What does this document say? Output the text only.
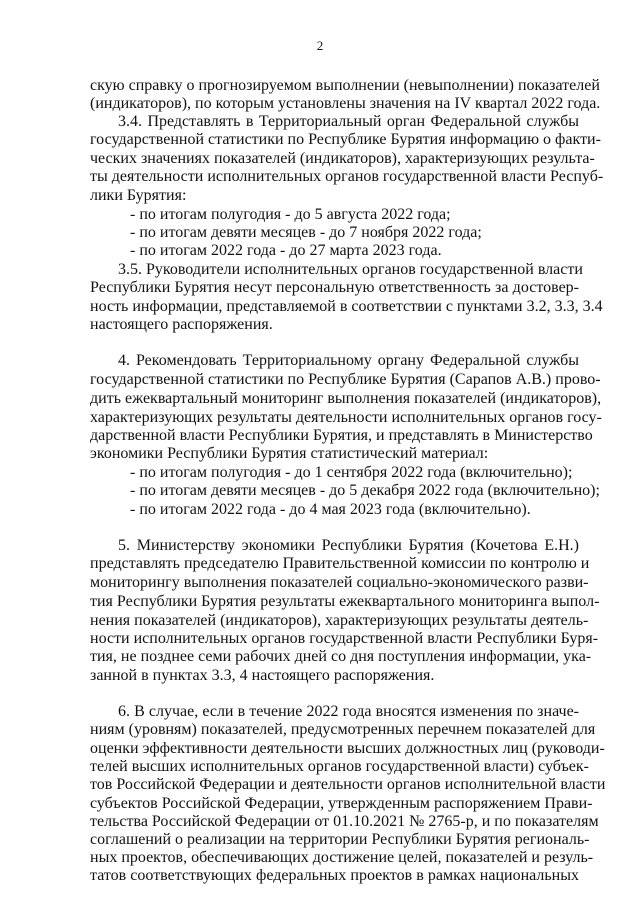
2
скую справку о прогнозируемом выполнении (невыполнении) показателей
(индикаторов), по которым установлены значения на IV квартал 2022 года.
3.4. Представлять в Территориальный орган Федеральной службы
государственной статистики по Республике Бурятия информацию о факти-
ческих значениях показателей (индикаторов), характеризующих результа-
ты деятельности исполнительных органов государственной власти Респуб-
лики Бурятия:
- по итогам полугодия - до 5 августа 2022 года;
- по итогам девяти месяцев - до 7 ноября 2022 года;
- по итогам 2022 года - до 27 марта 2023 года.
3.5. Руководители исполнительных органов государственной власти
Республики Бурятия несут персональную ответственность за достовер-
ность информации, представляемой в соответствии с пунктами 3.2, 3.3, 3.4
настоящего распоряжения.
4. Рекомендовать Территориальному органу Федеральной службы
государственной статистики по Республике Бурятия (Сарапов А.В.) прово-
дить ежеквартальный мониторинг выполнения показателей (индикаторов),
характеризующих результаты деятельности исполнительных органов госу-
дарственной власти Республики Бурятия, и представлять в Министерство
экономики Республики Бурятия статистический материал:
- по итогам полугодия - до 1 сентября 2022 года (включительно);
- по итогам девяти месяцев - до 5 декабря 2022 года (включительно);
- по итогам 2022 года - до 4 мая 2023 года (включительно).
5. Министерству экономики Республики Бурятия (Кочетова Е.Н.)
представлять председателю Правительственной комиссии по контролю и
мониторингу выполнения показателей социально-экономического разви-
тия Республики Бурятия результаты ежеквартального мониторинга выпол-
нения показателей (индикаторов), характеризующих результаты деятель-
ности исполнительных органов государственной власти Республики Буря-
тия, не позднее семи рабочих дней со дня поступления информации, ука-
занной в пунктах 3.3, 4 настоящего распоряжения.
6. В случае, если в течение 2022 года вносятся изменения по значе-
ниям (уровням) показателей, предусмотренных перечнем показателей для
оценки эффективности деятельности высших должностных лиц (руководи-
телей высших исполнительных органов государственной власти) субъек-
тов Российской Федерации и деятельности органов исполнительной власти
субъектов Российской Федерации, утвержденным распоряжением Прави-
тельства Российской Федерации от 01.10.2021 № 2765-р, и по показателям
соглашений о реализации на территории Республики Бурятия региональ-
ных проектов, обеспечивающих достижение целей, показателей и резуль-
татов соответствующих федеральных проектов в рамках национальных
